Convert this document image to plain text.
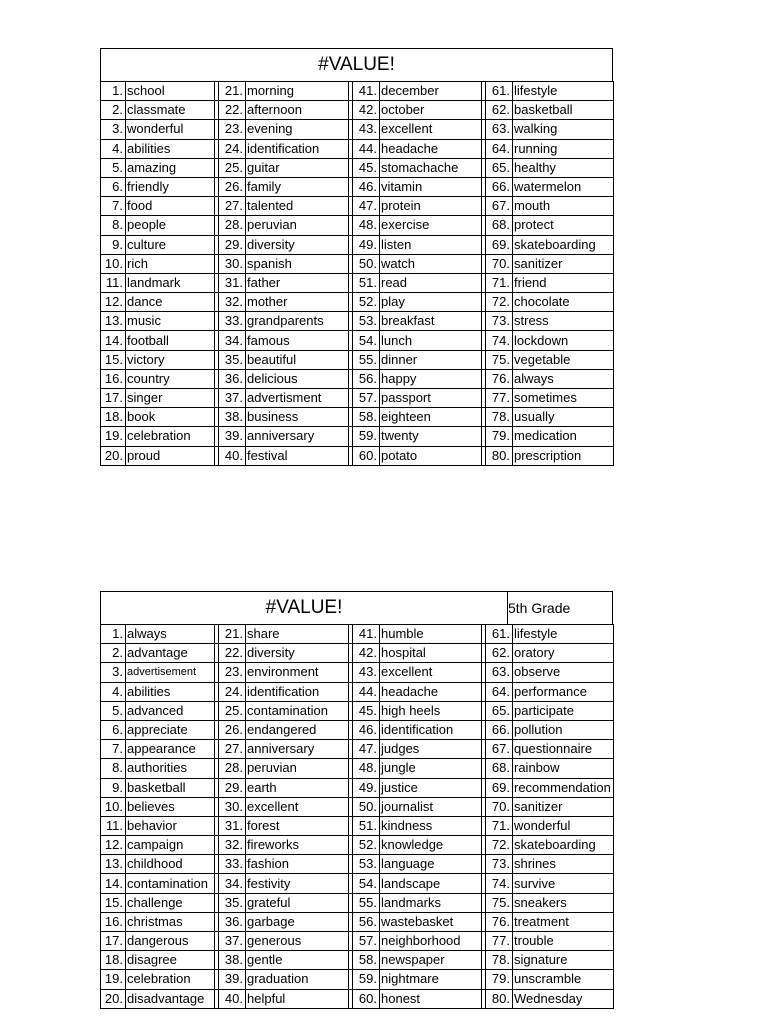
#VALUE!
1.	school		21.	morning		41.	december		61.	lifestyle
2.	classmate		22.	afternoon		42.	october		62.	basketball
3.	wonderful		23.	evening		43.	excellent		63.	walking
4.	abilities		24.	identification		44.	headache		64.	running
5.	amazing		25.	guitar		45.	stomachache		65.	healthy
6.	friendly		26.	family		46.	vitamin		66.	watermelon
7.	food		27.	talented		47.	protein		67.	mouth
8.	people		28.	peruvian		48.	exercise		68.	protect
9.	culture		29.	diversity		49.	listen		69.	skateboarding
10.	rich		30.	spanish		50.	watch		70.	sanitizer
11.	landmark		31.	father		51.	read		71.	friend
12.	dance		32.	mother		52.	play		72.	chocolate
13.	music		33.	grandparents		53.	breakfast		73.	stress
14.	football		34.	famous		54.	lunch		74.	lockdown
15.	victory		35.	beautiful		55.	dinner		75.	vegetable
16.	country		36.	delicious		56.	happy		76.	always
17.	singer		37.	advertisment		57.	passport		77.	sometimes
18.	book		38.	business		58.	eighteen		78.	usually
19.	celebration		39.	anniversary		59.	twenty		79.	medication
20.	proud		40.	festival		60.	potato		80.	prescription
#VALUE!	5th Grade
1.	always		21.	share		41.	humble		61.	lifestyle
2.	advantage		22.	diversity		42.	hospital		62.	oratory
3.	advertisement		23.	environment		43.	excellent		63.	observe
4.	abilities		24.	identification		44.	headache		64.	performance
5.	advanced		25.	contamination		45.	high heels		65.	participate
6.	appreciate		26.	endangered		46.	identification		66.	pollution
7.	appearance		27.	anniversary		47.	judges		67.	questionnaire
8.	authorities		28.	peruvian		48.	jungle		68.	rainbow
9.	basketball		29.	earth		49.	justice		69.	recommendation
10.	believes		30.	excellent		50.	journalist		70.	sanitizer
11.	behavior		31.	forest		51.	kindness		71.	wonderful
12.	campaign		32.	fireworks		52.	knowledge		72.	skateboarding
13.	childhood		33.	fashion		53.	language		73.	shrines
14.	contamination		34.	festivity		54.	landscape		74.	survive
15.	challenge		35.	grateful		55.	landmarks		75.	sneakers
16.	christmas		36.	garbage		56.	wastebasket		76.	treatment
17.	dangerous		37.	generous		57.	neighborhood		77.	trouble
18.	disagree		38.	gentle		58.	newspaper		78.	signature
19.	celebration		39.	graduation		59.	nightmare		79.	unscramble
20.	disadvantage		40.	helpful		60.	honest		80.	Wednesday
